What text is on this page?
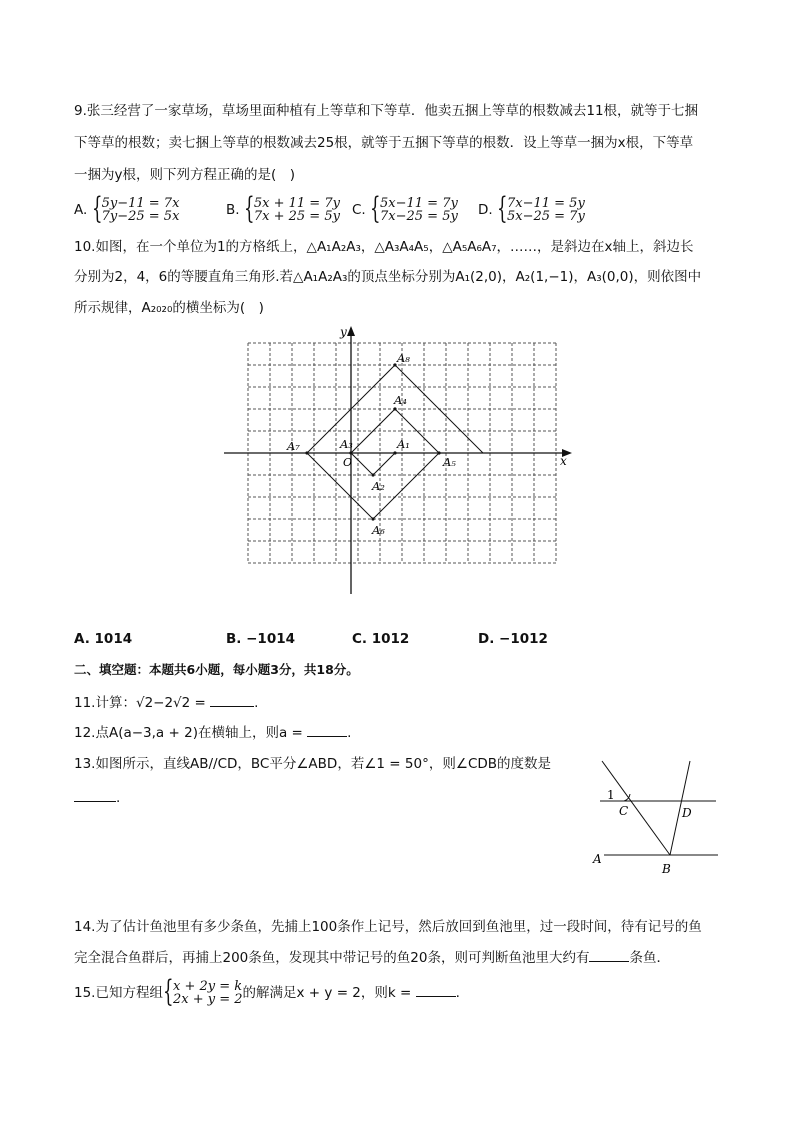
9.张三经营了一家草场，草场里面种植有上等草和下等草．他卖五捆上等草的根数减去11根，就等于七捆
下等草的根数；卖七捆上等草的根数减去25根，就等于五捆下等草的根数．设上等草一捆为x根，下等草
一捆为y根，则下列方程正确的是(　)
A. { 5y−11 = 7x
7y−25 = 5x	B. { 5x + 11 = 7y
7x + 25 = 5y C. { 5x−11 = 7y
7x−25 = 5y D. { 7x−11 = 5y
5x−25 = 7y
10.如图，在一个单位为1的方格纸上，△A₁A₂A₃，△A₃A₄A₅，△A₅A₆A₇，……，是斜边在x轴上，斜边长
分别为2，4，6的等腰直角三角形.若△A₁A₂A₃的顶点坐标分别为A₁(2,0)，A₂(1,−1)，A₃(0,0)，则依图中
所示规律，A₂₀₂₀的横坐标为(　)
x
y
O
A₁
A₂
A₃
A₄
A₅
A₆
A₇
A₈
A. 1014	B. −1014	C. 1012	D. −1012
二、填空题：本题共6小题，每小题3分，共18分。
11.计算：√2−2√2 =	.
12.点A(a−3,a + 2)在横轴上，则a =	.
13.如图所示，直线AB//CD，BC平分∠ABD，若∠1 = 50°，则∠CDB的度数是
.	1
C	D
A
B
14.为了估计鱼池里有多少条鱼，先捕上100条作上记号，然后放回到鱼池里，过一段时间，待有记号的鱼
完全混合鱼群后，再捕上200条鱼，发现其中带记号的鱼20条，则可判断鱼池里大约有	条鱼．
15.已知方程组 { x + 2y = k
2x + y = 2 的解满足x + y = 2，则k =	.
